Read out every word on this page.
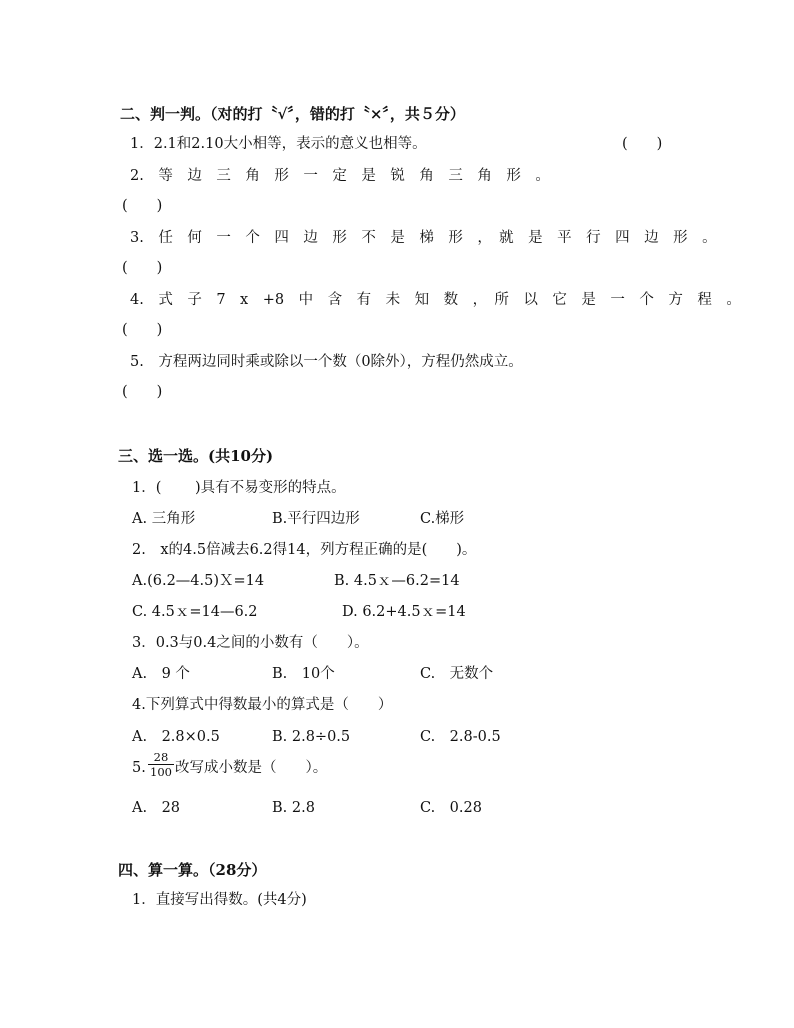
二、判一判。（对的打〝√〞，错的打〝×〞，共５分）
1．2.1和2.10大小相等，表示的意义也相等。	(　　)
2.　等　边　三　角　形　一　定　是　锐　角　三　角　形　。
(　　)
3.　任　何　一　个　四　边　形　不　是　梯　形　，　就　是　平　行　四　边　形　。
(　　)
4.　式　子　7　x　+8　中　含　有　未　知　数　，　所　以　它　是　一　个　方　程　。
(　　)
5.　方程两边同时乘或除以一个数（0除外），方程仍然成立。
(　　)
三、选一选。(共10分)
1．(　　 )具有不易变形的特点。
A. 三角形	B.平行四边形	C.梯形
2.　x的4.5倍减去6.2得14，列方程正确的是(　　)。
A.(6.2—4.5)Ｘ=14	B. 4.5ｘ—6.2=14
C. 4.5ｘ=14—6.2	D. 6.2+4.5ｘ=14
3．0.3与0.4之间的小数有（　　）。
A.　9 个	B.　10个	C.　无数个
4.下列算式中得数最小的算式是（　　）
A.　2.8×0.5	B. 2.8÷0.5	C.　2.8-0.5
5. $\frac{28}{100}$ 改写成小数是（　　）。
A.　28	B. 2.8	C.　0.28
四、算一算。（28分）
1．直接写出得数。(共4分)
